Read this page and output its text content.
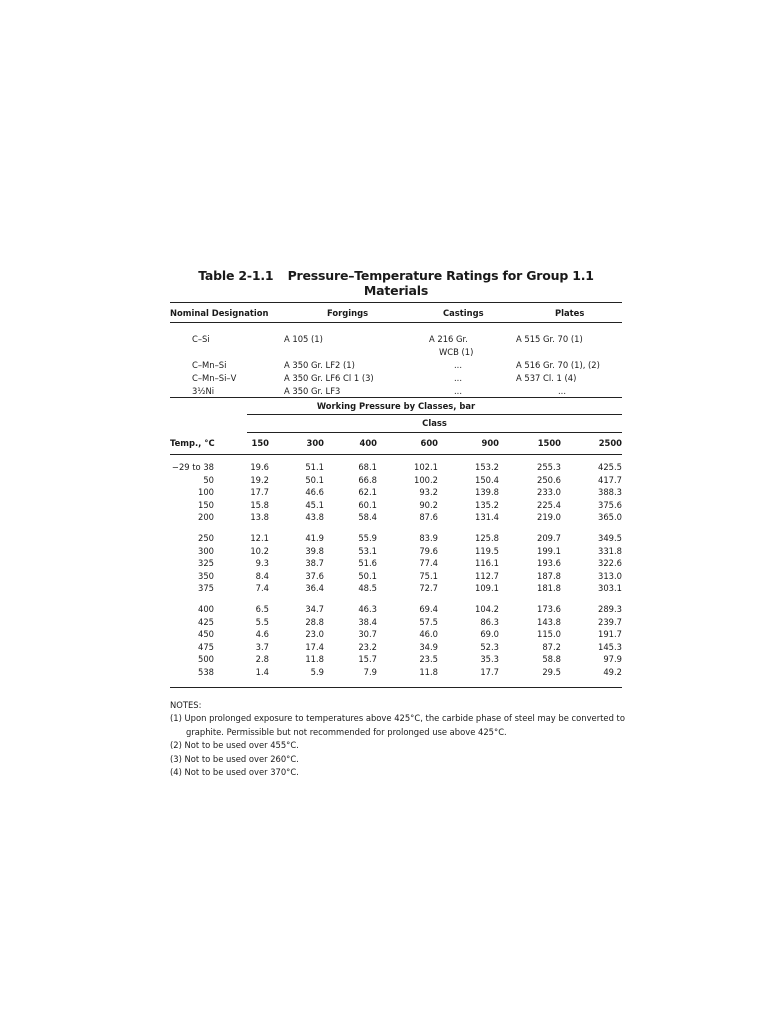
Table 2-1.1 Pressure–Temperature Ratings for Group 1.1 Materials
Nominal Designation	Forgings	Castings	Plates
C–Si	A 105 (1)	A 216 Gr.	A 515 Gr. 70 (1)
WCB (1)
C–Mn–Si	A 350 Gr. LF2 (1)	...	A 516 Gr. 70 (1), (2)
C–Mn–Si–V	A 350 Gr. LF6 Cl 1 (3)	...	A 537 Cl. 1 (4)
3½Ni	A 350 Gr. LF3	...	...
Working Pressure by Classes, bar
Class
Temp., °C	150	300	400	600	900	1500	2500

−29 to 38	19.6	51.1	68.1	102.1	153.2	255.3	425.5
50	19.2	50.1	66.8	100.2	150.4	250.6	417.7
100	17.7	46.6	62.1	93.2	139.8	233.0	388.3
150	15.8	45.1	60.1	90.2	135.2	225.4	375.6
200	13.8	43.8	58.4	87.6	131.4	219.0	365.0

250	12.1	41.9	55.9	83.9	125.8	209.7	349.5
300	10.2	39.8	53.1	79.6	119.5	199.1	331.8
325	9.3	38.7	51.6	77.4	116.1	193.6	322.6
350	8.4	37.6	50.1	75.1	112.7	187.8	313.0
375	7.4	36.4	48.5	72.7	109.1	181.8	303.1

400	6.5	34.7	46.3	69.4	104.2	173.6	289.3
425	5.5	28.8	38.4	57.5	86.3	143.8	239.7
450	4.6	23.0	30.7	46.0	69.0	115.0	191.7
475	3.7	17.4	23.2	34.9	52.3	87.2	145.3
500	2.8	11.8	15.7	23.5	35.3	58.8	97.9
538	1.4	5.9	7.9	11.8	17.7	29.5	49.2

NOTES:
(1) Upon prolonged exposure to temperatures above 425°C, the carbide phase of steel may be converted to graphite. Permissible but not recommended for prolonged use above 425°C.
(2) Not to be used over 455°C.
(3) Not to be used over 260°C.
(4) Not to be used over 370°C.
